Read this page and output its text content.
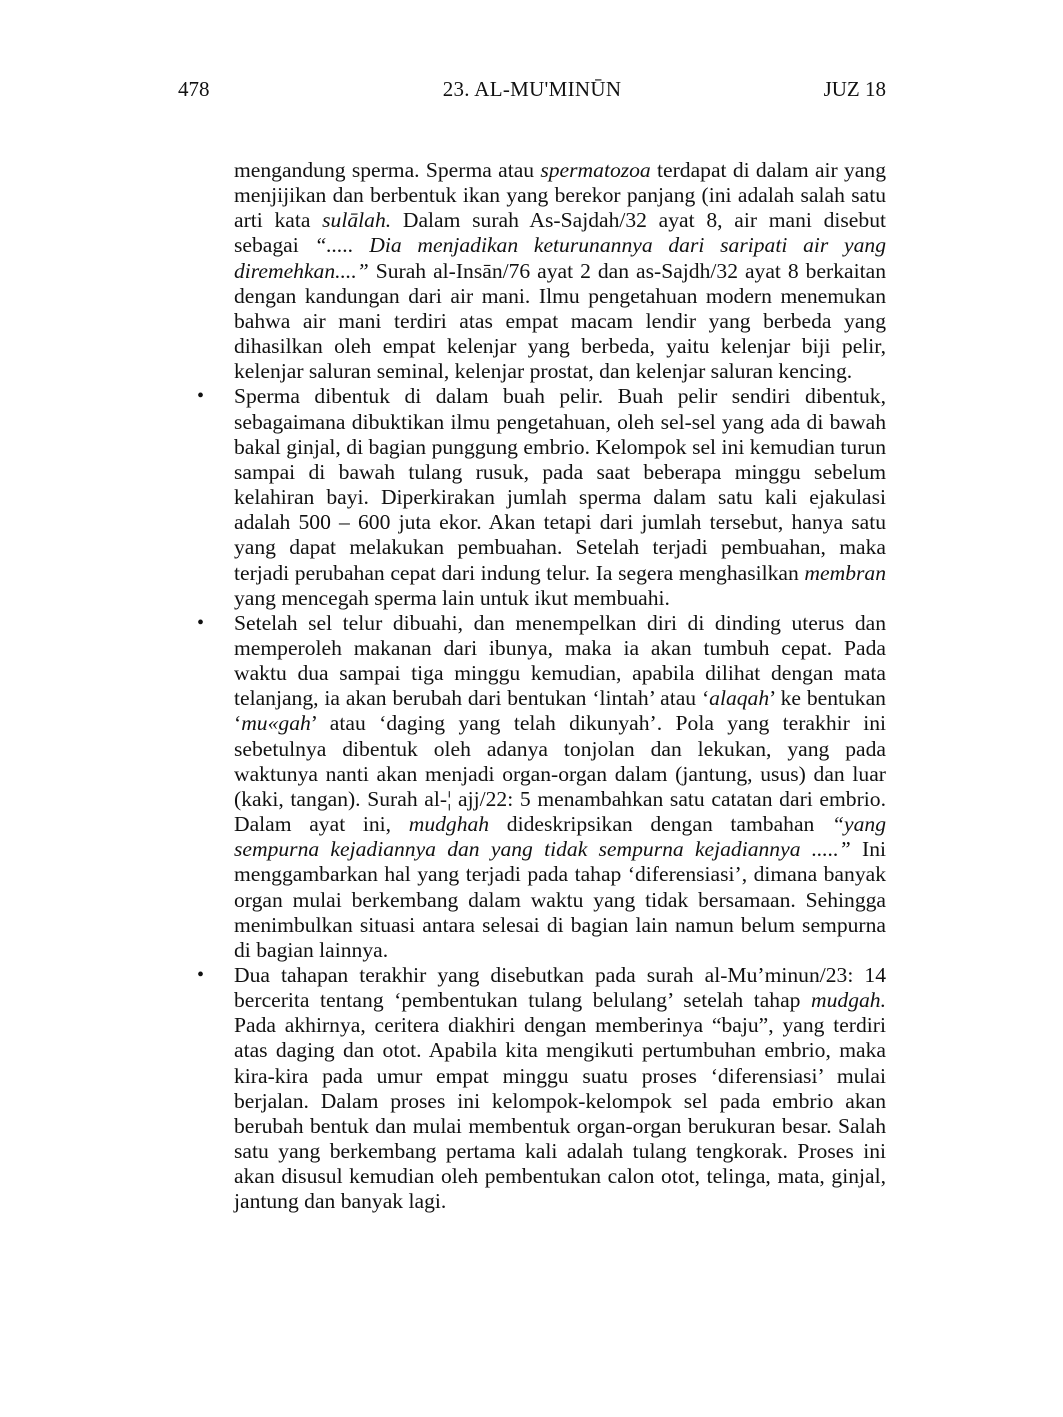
478	23. AL-MU'MINŪN	JUZ 18

mengandung sperma. Sperma atau spermatozoa terdapat di dalam air yang menjijikan dan berbentuk ikan yang berekor panjang (ini adalah salah satu arti kata sulālah. Dalam surah As-Sajdah/32 ayat 8, air mani disebut sebagai “..... Dia menjadikan keturunannya dari saripati air yang diremehkan....” Surah al-Insān/76 ayat 2 dan as-Sajdh/32 ayat 8 berkaitan dengan kandungan dari air mani. Ilmu pengetahuan modern menemukan bahwa air mani terdiri atas empat macam lendir yang berbeda yang dihasilkan oleh empat kelenjar yang berbeda, yaitu kelenjar biji pelir, kelenjar saluran seminal, kelenjar prostat, dan kelenjar saluran kencing.

• Sperma dibentuk di dalam buah pelir. Buah pelir sendiri dibentuk, sebagaimana dibuktikan ilmu pengetahuan, oleh sel-sel yang ada di bawah bakal ginjal, di bagian punggung embrio. Kelompok sel ini kemudian turun sampai di bawah tulang rusuk, pada saat beberapa minggu sebelum kelahiran bayi. Diperkirakan jumlah sperma dalam satu kali ejakulasi adalah 500 – 600 juta ekor. Akan tetapi dari jumlah tersebut, hanya satu yang dapat melakukan pembuahan. Setelah terjadi pembuahan, maka terjadi perubahan cepat dari indung telur. Ia segera menghasilkan membran yang mencegah sperma lain untuk ikut membuahi.

• Setelah sel telur dibuahi, dan menempelkan diri di dinding uterus dan memperoleh makanan dari ibunya, maka ia akan tumbuh cepat. Pada waktu dua sampai tiga minggu kemudian, apabila dilihat dengan mata telanjang, ia akan berubah dari bentukan ‘lintah’ atau ‘alaqah’ ke bentukan ‘mu«gah’ atau ‘daging yang telah dikunyah’. Pola yang terakhir ini sebetulnya dibentuk oleh adanya tonjolan dan lekukan, yang pada waktunya nanti akan menjadi organ-organ dalam (jantung, usus) dan luar (kaki, tangan). Surah al-¦ ajj/22: 5 menambahkan satu catatan dari embrio. Dalam ayat ini, mudghah dideskripsikan dengan tambahan “yang sempurna kejadiannya dan yang tidak sempurna kejadiannya .....” Ini menggambarkan hal yang terjadi pada tahap ‘diferensiasi’, dimana banyak organ mulai berkembang dalam waktu yang tidak bersamaan. Sehingga menimbulkan situasi antara selesai di bagian lain namun belum sempurna di bagian lainnya.

• Dua tahapan terakhir yang disebutkan pada surah al-Mu’minun/23: 14 bercerita tentang ‘pembentukan tulang belulang’ setelah tahap mudgah. Pada akhirnya, ceritera diakhiri dengan memberinya “baju”, yang terdiri atas daging dan otot. Apabila kita mengikuti pertumbuhan embrio, maka kira-kira pada umur empat minggu suatu proses ‘diferensiasi’ mulai berjalan. Dalam proses ini kelompok-kelompok sel pada embrio akan berubah bentuk dan mulai membentuk organ-organ berukuran besar. Salah satu yang berkembang pertama kali adalah tulang tengkorak. Proses ini akan disusul kemudian oleh pembentukan calon otot, telinga, mata, ginjal, jantung dan banyak lagi.
